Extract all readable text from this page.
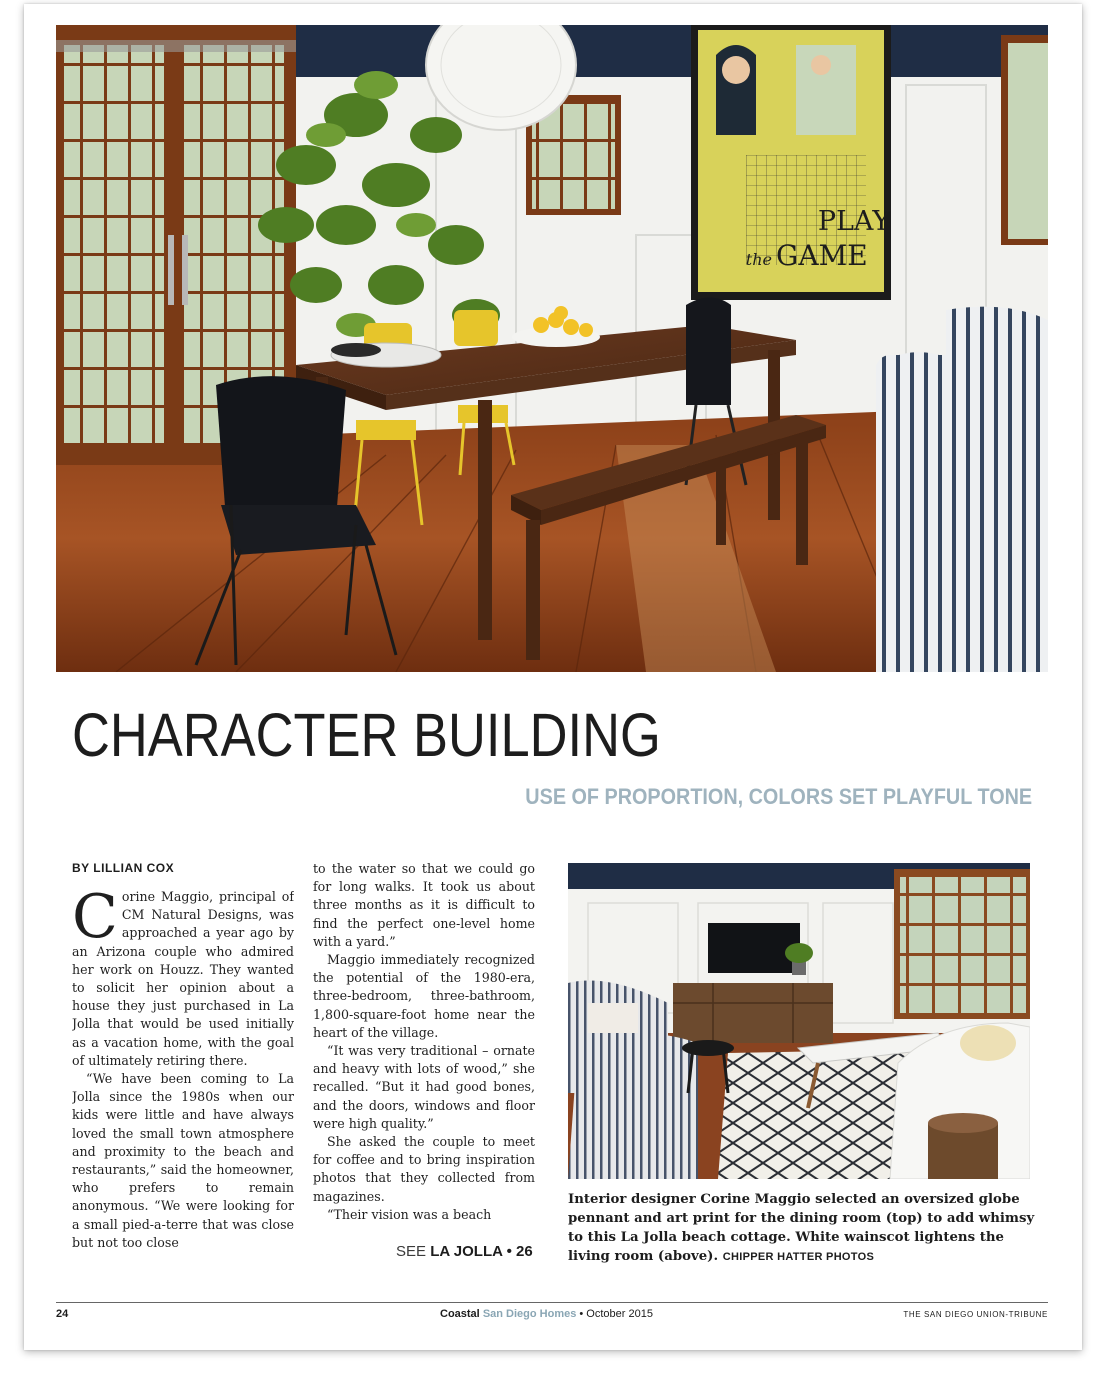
PLAY
the GAME
CHARACTER BUILDING
USE OF PROPORTION, COLORS SET PLAYFUL TONE
BY LILLIAN COX

Corine Maggio, principal of CM Natural Designs, was approached a year ago by an Arizona couple who admired her work on Houzz. They wanted to solicit her opinion about a house they just purchased in La Jolla that would be used initially as a vacation home, with the goal of ultimately retiring there.

“We have been coming to La Jolla since the 1980s when our kids were little and have always loved the small town atmosphere and proximity to the beach and restaurants,” said the homeowner, who prefers to remain anonymous. “We were looking for a small pied-a-terre that was close but not too close

to the water so that we could go for long walks. It took us about three months as it is difficult to find the perfect one-level home with a yard.”

Maggio immediately recognized the potential of the 1980-era, three-bedroom, three-bathroom, 1,800-square-foot home near the heart of the village.

“It was very traditional – ornate and heavy with lots of wood,” she recalled. “But it had good bones, and the doors, windows and floor were high quality.”

She asked the couple to meet for coffee and to bring inspiration photos that they collected from magazines.

“Their vision was a beach

SEE LA JOLLA • 26
Interior designer Corine Maggio selected an oversized globe pennant and art print for the dining room (top) to add whimsy to this La Jolla beach cottage. White wainscot lightens the living room (above). CHIPPER HATTER PHOTOS
24	Coastal San Diego Homes • October 2015	THE SAN DIEGO UNION-TRIBUNE
